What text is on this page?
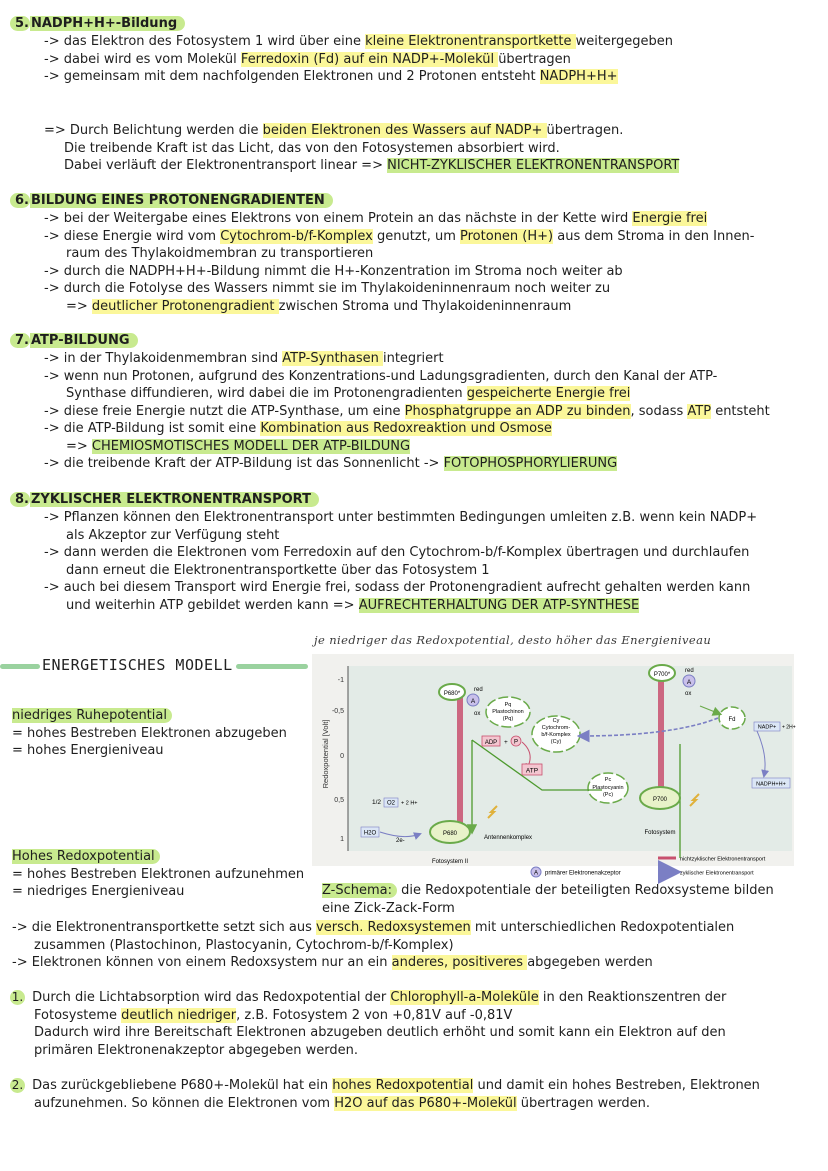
5. NADPH+H+-Bildung
-> das Elektron des Fotosystem 1 wird über eine kleine Elektronentransportkette weitergegeben
-> dabei wird es vom Molekül Ferredoxin (Fd) auf ein NADP+-Molekül übertragen
-> gemeinsam mit dem nachfolgenden Elektronen und 2 Protonen entsteht NADPH+H+
=> Durch Belichtung werden die beiden Elektronen des Wassers auf NADP+ übertragen.
Die treibende Kraft ist das Licht, das von den Fotosystemen absorbiert wird.
Dabei verläuft der Elektronentransport linear => NICHT-ZYKLISCHER ELEKTRONENTRANSPORT
6. BILDUNG EINES PROTONENGRADIENTEN
-> bei der Weitergabe eines Elektrons von einem Protein an das nächste in der Kette wird Energie frei
-> diese Energie wird vom Cytochrom-b/f-Komplex genutzt, um Protonen (H+) aus dem Stroma in den Innen-
raum des Thylakoidmembran zu transportieren
-> durch die NADPH+H+-Bildung nimmt die H+-Konzentration im Stroma noch weiter ab
-> durch die Fotolyse des Wassers nimmt sie im Thylakoideninnenraum noch weiter zu
=> deutlicher Protonengradient zwischen Stroma und Thylakoideninnenraum
7. ATP-BILDUNG
-> in der Thylakoidenmembran sind ATP-Synthasen integriert
-> wenn nun Protonen, aufgrund des Konzentrations-und Ladungsgradienten, durch den Kanal der ATP-
Synthase diffundieren, wird dabei die im Protonengradienten gespeicherte Energie frei
-> diese freie Energie nutzt die ATP-Synthase, um eine Phosphatgruppe an ADP zu binden, sodass ATP entsteht
-> die ATP-Bildung ist somit eine Kombination aus Redoxreaktion und Osmose
=> CHEMIOSMOTISCHES MODELL DER ATP-BILDUNG
-> die treibende Kraft der ATP-Bildung ist das Sonnenlicht -> FOTOPHOSPHORYLIERUNG
8. ZYKLISCHER ELEKTRONENTRANSPORT
-> Pflanzen können den Elektronentransport unter bestimmten Bedingungen umleiten z.B. wenn kein NADP+
als Akzeptor zur Verfügung steht
-> dann werden die Elektronen vom Ferredoxin auf den Cytochrom-b/f-Komplex übertragen und durchlaufen
dann erneut die Elektronentransportkette über das Fotosystem 1
-> auch bei diesem Transport wird Energie frei, sodass der Protonengradient aufrecht gehalten werden kann
und weiterhin ATP gebildet werden kann => AUFRECHTERHALTUNG DER ATP-SYNTHESE
ENERGETISCHES MODELL
niedriges Ruhepotential
= hohes Bestreben Elektronen abzugeben
= hohes Energieniveau
Hohes Redoxpotential
= hohes Bestreben Elektronen aufzunehmen
= niedriges Energieniveau
je niedriger das Redoxpotential, desto höher das Energieniveau
Redoxpotential [Volt]
-1
-0,5
0
0,5
1
P680*
A
red
ox
Pq
Plastochinon
(Pq)	Cy
Cytochrom-
b/f-Komplex
(Cy)
ADP + P
ATP
Pc
Plastocyanin
(Pc)
P700*
A
red
ox
Fd
NADP+ + 2H+
NADPH+H+
1/2 O2 + 2 H+
H2O
2e-
P680
Antennenkomplex
Fotosystem II
P700
Fotosystem
A primärer Elektronenakzeptor
nichtzyklischer Elektronentransport
zyklischer Elektronentransport
Z-Schema: die Redoxpotentiale der beteiligten Redoxsysteme bilden
eine Zick-Zack-Form
-> die Elektronentransportkette setzt sich aus versch. Redoxsystemen mit unterschiedlichen Redoxpotentialen
zusammen (Plastochinon, Plastocyanin, Cytochrom-b/f-Komplex)
-> Elektronen können von einem Redoxsystem nur an ein anderes, positiveres abgegeben werden
1. Durch die Lichtabsorption wird das Redoxpotential der Chlorophyll-a-Moleküle in den Reaktionszentren der
Fotosysteme deutlich niedriger, z.B. Fotosystem 2 von +0,81V auf -0,81V
Dadurch wird ihre Bereitschaft Elektronen abzugeben deutlich erhöht und somit kann ein Elektron auf den
primären Elektronenakzeptor abgegeben werden.
2. Das zurückgebliebene P680+-Molekül hat ein hohes Redoxpotential und damit ein hohes Bestreben, Elektronen
aufzunehmen. So können die Elektronen vom H2O auf das P680+-Molekül übertragen werden.
